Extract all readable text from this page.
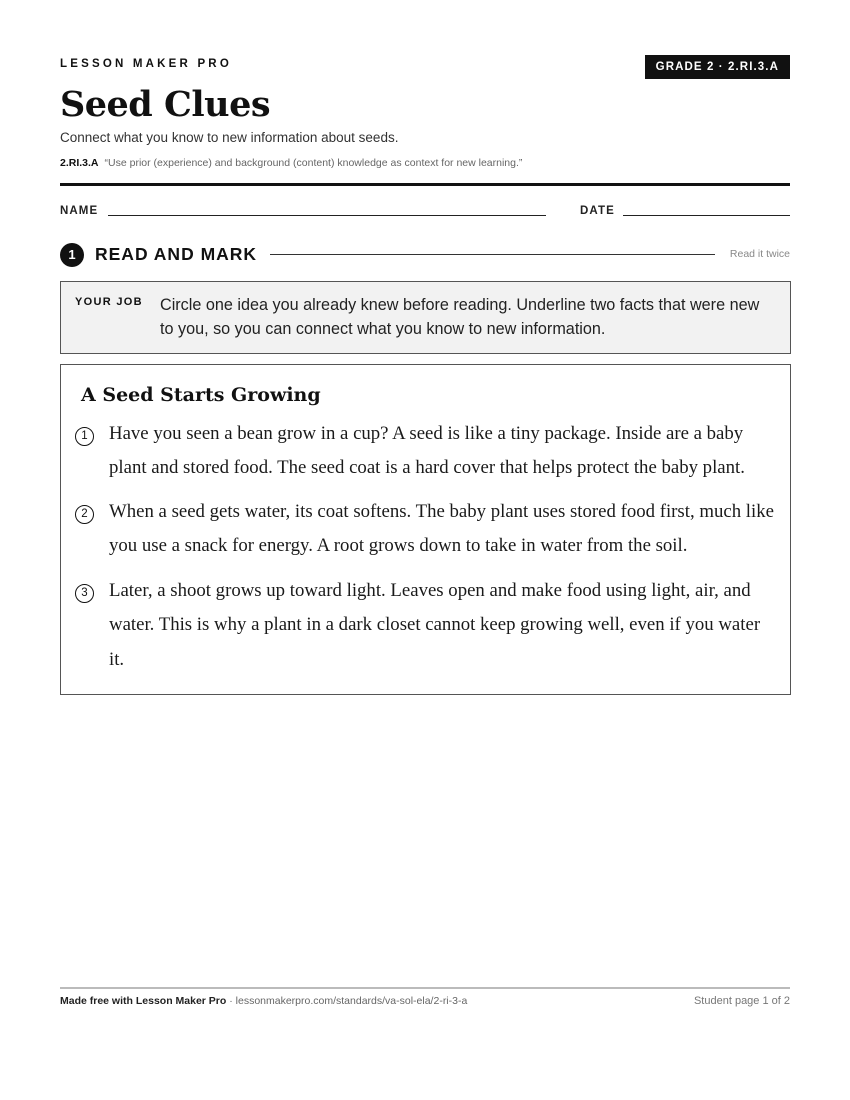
LESSON MAKER PRO	GRADE 2 · 2.RI.3.A
Seed Clues
Connect what you know to new information about seeds.
2.RI.3.A “Use prior (experience) and background (content) knowledge as context for new learning.”
NAME	DATE
1	READ AND MARK	Read it twice
YOUR JOB Circle one idea you already knew before reading. Underline two facts that were new to you, so you can connect what you know to new information.
A Seed Starts Growing
1	Have you seen a bean grow in a cup? A seed is like a tiny package. Inside are a baby plant and stored food. The seed coat is a hard cover that helps protect the baby plant.
2	When a seed gets water, its coat softens. The baby plant uses stored food first, much like you use a snack for energy. A root grows down to take in water from the soil.
3	Later, a shoot grows up toward light. Leaves open and make food using light, air, and water. This is why a plant in a dark closet cannot keep growing well, even if you water it.
Made free with Lesson Maker Pro · lessonmakerpro.com/standards/va-sol-ela/2-ri-3-a	Student page 1 of 2
